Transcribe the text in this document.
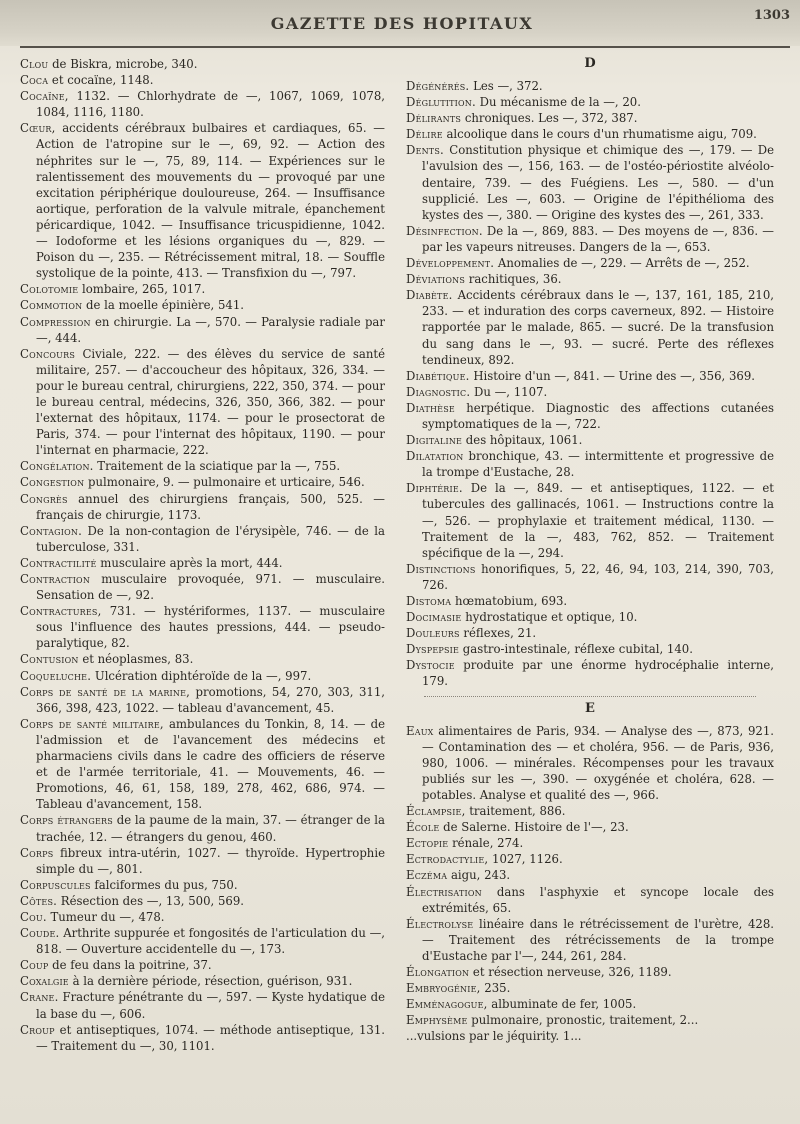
GAZETTE DES HOPITAUX	1303

Clou de Biskra, microbe, 340.

Coca et cocaïne, 1148.

Cocaïne, 1132. — Chlorhydrate de —, 1067, 1069, 1078, 1084, 1116, 1180.

Cœur, accidents cérébraux bulbaires et cardiaques, 65. — Action de l'atropine sur le —, 69, 92. — Action des néphrites sur le —, 75, 89, 114. — Expériences sur le ralentissement des mouvements du — provoqué par une excitation périphérique douloureuse, 264. — Insuffisance aortique, perforation de la valvule mitrale, épanchement péricardique, 1042. — Insuffisance tricuspidienne, 1042. — Iodoforme et les lésions organiques du —, 829. — Poison du —, 235. — Rétrécissement mitral, 18. — Souffle systolique de la pointe, 413. — Transfixion du —, 797.

Colotomie lombaire, 265, 1017.

Commotion de la moelle épinière, 541.

Compression en chirurgie. La —, 570. — Paralysie radiale par —, 444.

Concours Civiale, 222. — des élèves du service de santé militaire, 257. — d'accoucheur des hôpitaux, 326, 334. — pour le bureau central, chirurgiens, 222, 350, 374. — pour le bureau central, médecins, 326, 350, 366, 382. — pour l'externat des hôpitaux, 1174. — pour le prosectorat de Paris, 374. — pour l'internat des hôpitaux, 1190. — pour l'internat en pharmacie, 222.

Congélation. Traitement de la sciatique par la —, 755.

Congestion pulmonaire, 9. — pulmonaire et urticaire, 546.

Congrès annuel des chirurgiens français, 500, 525. — français de chirurgie, 1173.

Contagion. De la non-contagion de l'érysipèle, 746. — de la tuberculose, 331.

Contractilité musculaire après la mort, 444.

Contraction musculaire provoquée, 971. — musculaire. Sensation de —, 92.

Contractures, 731. — hystériformes, 1137. — musculaire sous l'influence des hautes pressions, 444. — pseudo-paralytique, 82.

Contusion et néoplasmes, 83.

Coqueluche. Ulcération diphtéroïde de la —, 997.

Corps de santé de la marine, promotions, 54, 270, 303, 311, 366, 398, 423, 1022. — tableau d'avancement, 45.

Corps de santé militaire, ambulances du Tonkin, 8, 14. — de l'admission et de l'avancement des médecins et pharmaciens civils dans le cadre des officiers de réserve et de l'armée territoriale, 41. — Mouvements, 46. — Promotions, 46, 61, 158, 189, 278, 462, 686, 974. — Tableau d'avancement, 158.

Corps étrangers de la paume de la main, 37. — étranger de la trachée, 12. — étrangers du genou, 460.

Corps fibreux intra-utérin, 1027. — thyroïde. Hypertrophie simple du —, 801.

Corpuscules falciformes du pus, 750.

Côtes. Résection des —, 13, 500, 569.

Cou. Tumeur du —, 478.

Coude. Arthrite suppurée et fongosités de l'articulation du —, 818. — Ouverture accidentelle du —, 173.

Coup de feu dans la poitrine, 37.

Coxalgie à la dernière période, résection, guérison, 931.

Crane. Fracture pénétrante du —, 597. — Kyste hydatique de la base du —, 606.

Croup et antiseptiques, 1074. — méthode antiseptique, 131. — Traitement du —, 30, 1101.

D

Dégénérés. Les —, 372.

Déglutition. Du mécanisme de la —, 20.

Délirants chroniques. Les —, 372, 387.

Délire alcoolique dans le cours d'un rhumatisme aigu, 709.

Dents. Constitution physique et chimique des —, 179. — De l'avulsion des —, 156, 163. — de l'ostéo-périostite alvéolo-dentaire, 739. — des Fuégiens. Les —, 580. — d'un supplicié. Les —, 603. — Origine de l'épithélioma des kystes des —, 380. — Origine des kystes des —, 261, 333.

Désinfection. De la —, 869, 883. — Des moyens de —, 836. — par les vapeurs nitreuses. Dangers de la —, 653.

Développement. Anomalies de —, 229. — Arrêts de —, 252.

Déviations rachitiques, 36.

Diabète. Accidents cérébraux dans le —, 137, 161, 185, 210, 233. — et induration des corps caverneux, 892. — Histoire rapportée par le malade, 865. — sucré. De la transfusion du sang dans le —, 93. — sucré. Perte des réflexes tendineux, 892.

Diabétique. Histoire d'un —, 841. — Urine des —, 356, 369.

Diagnostic. Du —, 1107.

Diathèse herpétique. Diagnostic des affections cutanées symptomatiques de la —, 722.

Digitaline des hôpitaux, 1061.

Dilatation bronchique, 43. — intermittente et progressive de la trompe d'Eustache, 28.

Diphtérie. De la —, 849. — et antiseptiques, 1122. — et tubercules des gallinacés, 1061. — Instructions contre la —, 526. — prophylaxie et traitement médical, 1130. — Traitement de la —, 483, 762, 852. — Traitement spécifique de la —, 294.

Distinctions honorifiques, 5, 22, 46, 94, 103, 214, 390, 703, 726.

Distoma hœmatobium, 693.

Docimasie hydrostatique et optique, 10.

Douleurs réflexes, 21.

Dyspepsie gastro-intestinale, réflexe cubital, 140.

Dystocie produite par une énorme hydrocéphalie interne, 179.

E

Eaux alimentaires de Paris, 934. — Analyse des —, 873, 921. — Contamination des — et choléra, 956. — de Paris, 936, 980, 1006. — minérales. Récompenses pour les travaux publiés sur les —, 390. — oxygénée et choléra, 628. — potables. Analyse et qualité des —, 966.

Éclampsie, traitement, 886.

École de Salerne. Histoire de l'—, 23.

Ectopie rénale, 274.

Ectrodactylie, 1027, 1126.

Eczéma aigu, 243.

Électrisation dans l'asphyxie et syncope locale des extrémités, 65.

Électrolyse linéaire dans le rétrécissement de l'urètre, 428. — Traitement des rétrécissements de la trompe d'Eustache par l'—, 244, 261, 284.

Élongation et résection nerveuse, 326, 1189.

Embryogénie, 235.

Emménagogue, albuminate de fer, 1005.

Emphysème pulmonaire, pronostic, traitement, 2...

...vulsions par le jéquirity. 1...
